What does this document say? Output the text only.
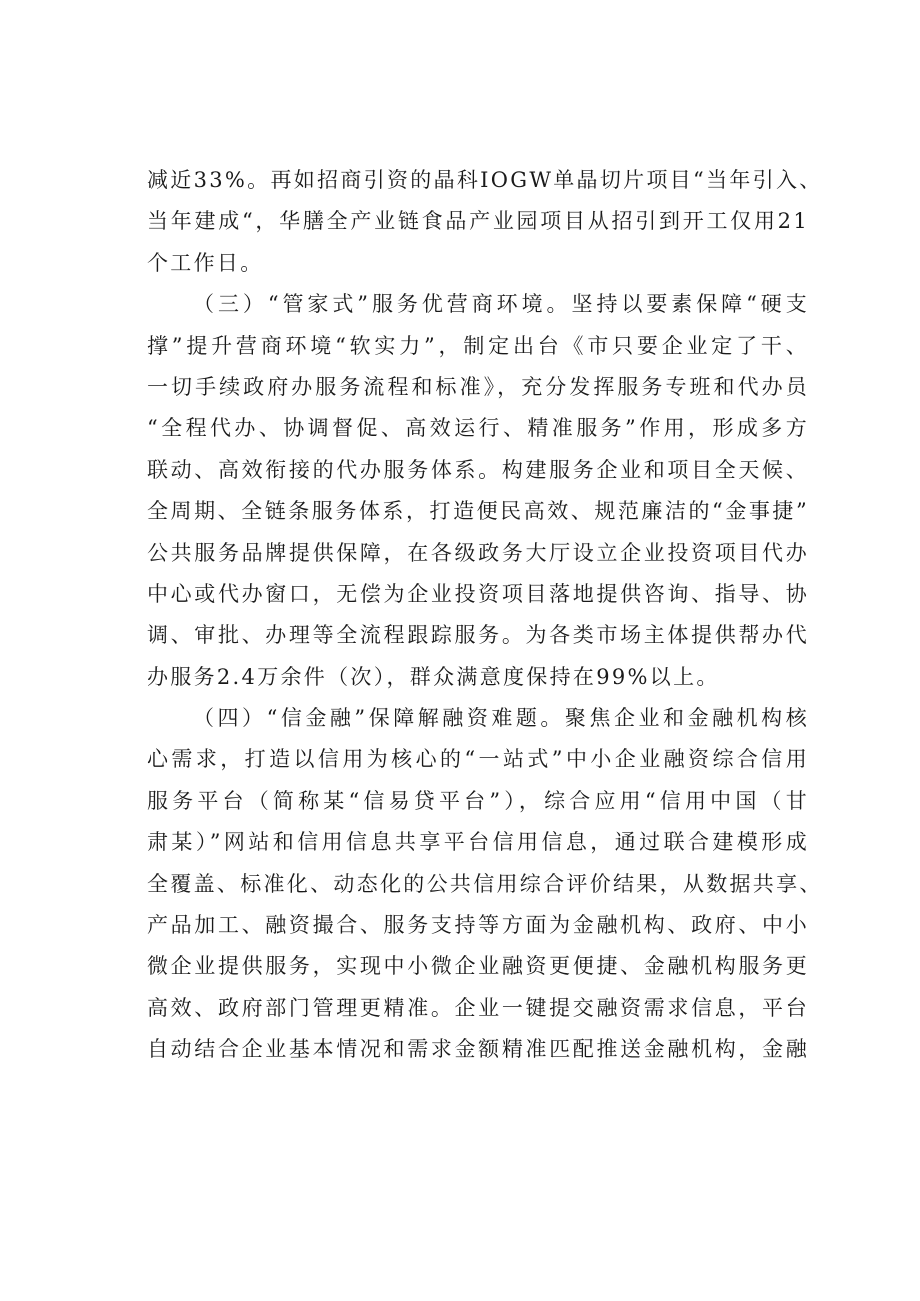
减近33%。再如招商引资的晶科IOGW单晶切片项目“当年引入、
当年建成“，华膳全产业链食品产业园项目从招引到开工仅用21
个工作日。
（三）“管家式”服务优营商环境。坚持以要素保障“硬支
撑”提升营商环境“软实力”，制定出台《市只要企业定了干、
一切手续政府办服务流程和标准》，充分发挥服务专班和代办员
“全程代办、协调督促、高效运行、精准服务”作用，形成多方
联动、高效衔接的代办服务体系。构建服务企业和项目全天候、
全周期、全链条服务体系，打造便民高效、规范廉洁的“金事捷”
公共服务品牌提供保障，在各级政务大厅设立企业投资项目代办
中心或代办窗口，无偿为企业投资项目落地提供咨询、指导、协
调、审批、办理等全流程跟踪服务。为各类市场主体提供帮办代
办服务2.4万余件（次），群众满意度保持在99%以上。
（四）“信金融”保障解融资难题。聚焦企业和金融机构核
心需求，打造以信用为核心的“一站式”中小企业融资综合信用
服务平台（简称某“信易贷平台”），综合应用“信用中国（甘
肃某）”网站和信用信息共享平台信用信息，通过联合建模形成
全覆盖、标准化、动态化的公共信用综合评价结果，从数据共享、
产品加工、融资撮合、服务支持等方面为金融机构、政府、中小
微企业提供服务，实现中小微企业融资更便捷、金融机构服务更
高效、政府部门管理更精准。企业一键提交融资需求信息，平台
自动结合企业基本情况和需求金额精准匹配推送金融机构，金融
